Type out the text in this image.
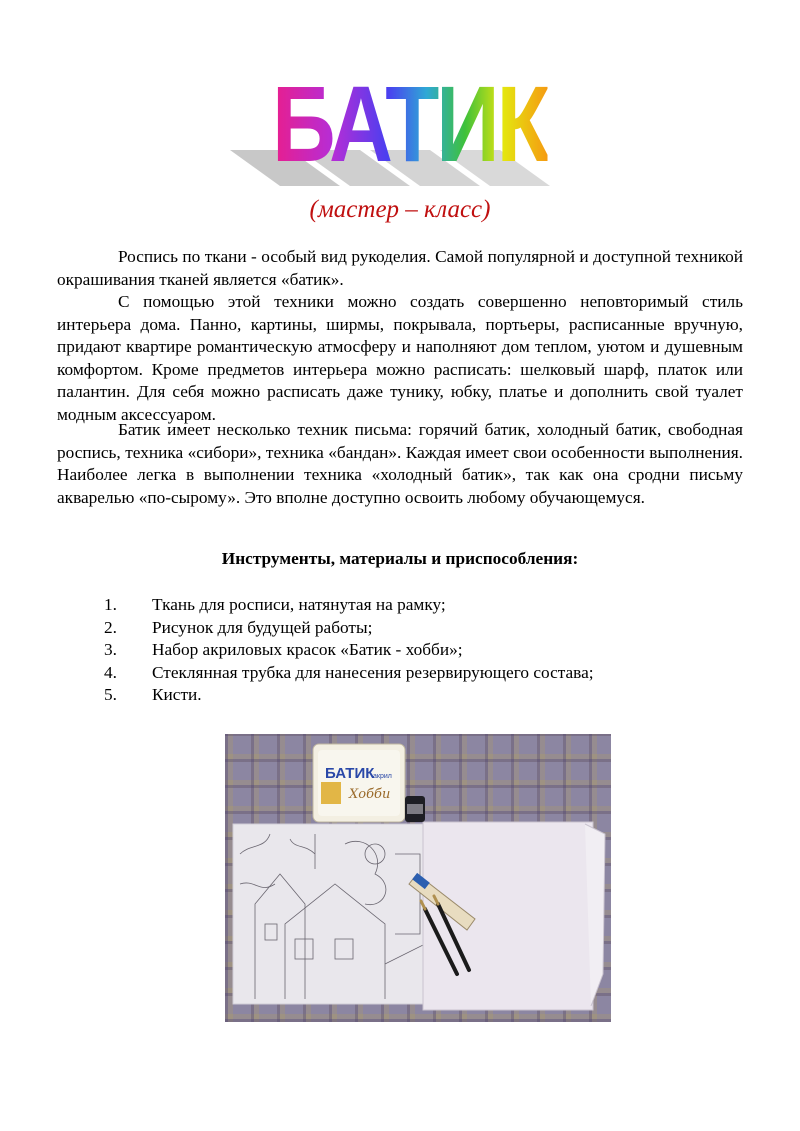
БАТИК
(мастер – класс)

Роспись по ткани - особый вид рукоделия. Самой популярной и доступной техникой окрашивания тканей является «батик».

С помощью этой техники можно создать совершенно неповторимый стиль интерьера дома. Панно, картины, ширмы, покрывала, портьеры, расписанные вручную, придают квартире романтическую атмосферу и наполняют дом теплом, уютом и душевным комфортом. Кроме предметов интерьера можно расписать: шелковый шарф, платок или палантин. Для себя можно расписать даже тунику, юбку, платье и дополнить свой туалет модным аксессуаром.

Батик имеет несколько техник письма: горячий батик, холодный батик, свободная роспись, техника «сибори», техника «бандан». Каждая имеет свои особенности выполнения. Наиболее легка в выполнении техника «холодный батик», так как она сродни письму акварелью «по-сырому». Это вполне доступно освоить любому обучающемуся.

Инструменты, материалы и приспособления:
1.	Ткань для росписи, натянутая на рамку;
2.	Рисунок для будущей работы;
3.	Набор акриловых красок «Батик - хобби»;
4.	Стеклянная трубка для нанесения резервирующего состава;
5.	Кисти.
БАТИК
акрил
Хобби
